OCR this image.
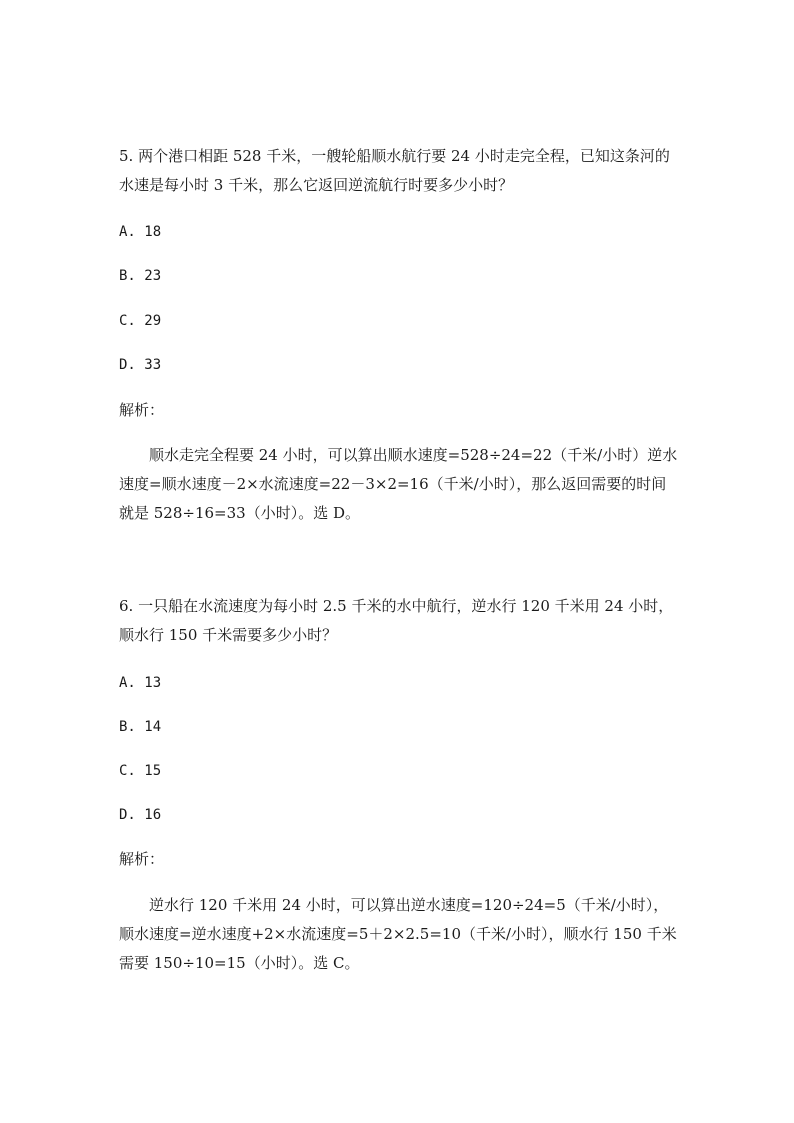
5. 两个港口相距 528 千米，一艘轮船顺水航行要 24 小时走完全程，已知这条河的水速是每小时 3 千米，那么它返回逆流航行时要多少小时？

A. 18
B. 23
C. 29
D. 33
解析：

顺水走完全程要 24 小时，可以算出顺水速度=528÷24=22（千米/小时）逆水速度=顺水速度－2×水流速度=22－3×2=16（千米/小时），那么返回需要的时间就是 528÷16=33（小时）。选 D。

6. 一只船在水流速度为每小时 2.5 千米的水中航行，逆水行 120 千米用 24 小时，顺水行 150 千米需要多少小时？

A. 13
B. 14
C. 15
D. 16
解析：

逆水行 120 千米用 24 小时，可以算出逆水速度=120÷24=5（千米/小时），顺水速度=逆水速度+2×水流速度=5＋2×2.5=10（千米/小时），顺水行 150 千米需要 150÷10=15（小时）。选 C。
